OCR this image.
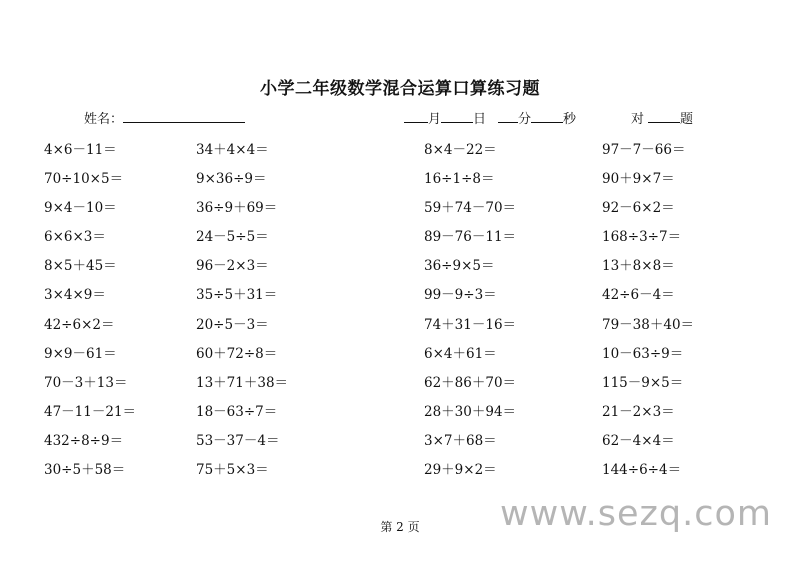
小学二年级数学混合运算口算练习题
姓名：	月 日 分 秒	对	题
4×6－11＝	34＋4×4＝	8×4－22＝	97－7－66＝
70÷10×5＝	9×36÷9＝	16÷1÷8＝	90＋9×7＝
9×4－10＝	36÷9＋69＝	59＋74－70＝	92－6×2＝
6×6×3＝	24－5÷5＝	89－76－11＝	168÷3÷7＝
8×5＋45＝	96－2×3＝	36÷9×5＝	13＋8×8＝
3×4×9＝	35÷5＋31＝	99－9÷3＝	42÷6－4＝
42÷6×2＝	20÷5－3＝	74＋31－16＝	79－38＋40＝
9×9－61＝	60＋72÷8＝	6×4＋61＝	10－63÷9＝
70－3＋13＝	13＋71＋38＝	62＋86＋70＝	115－9×5＝
47－11－21＝	18－63÷7＝	28＋30＋94＝	21－2×3＝
432÷8÷9＝	53－37－4＝	3×7＋68＝	62－4×4＝
30÷5＋58＝	75＋5×3＝	29＋9×2＝	144÷6÷4＝
第 2 页	www.sezq.com
